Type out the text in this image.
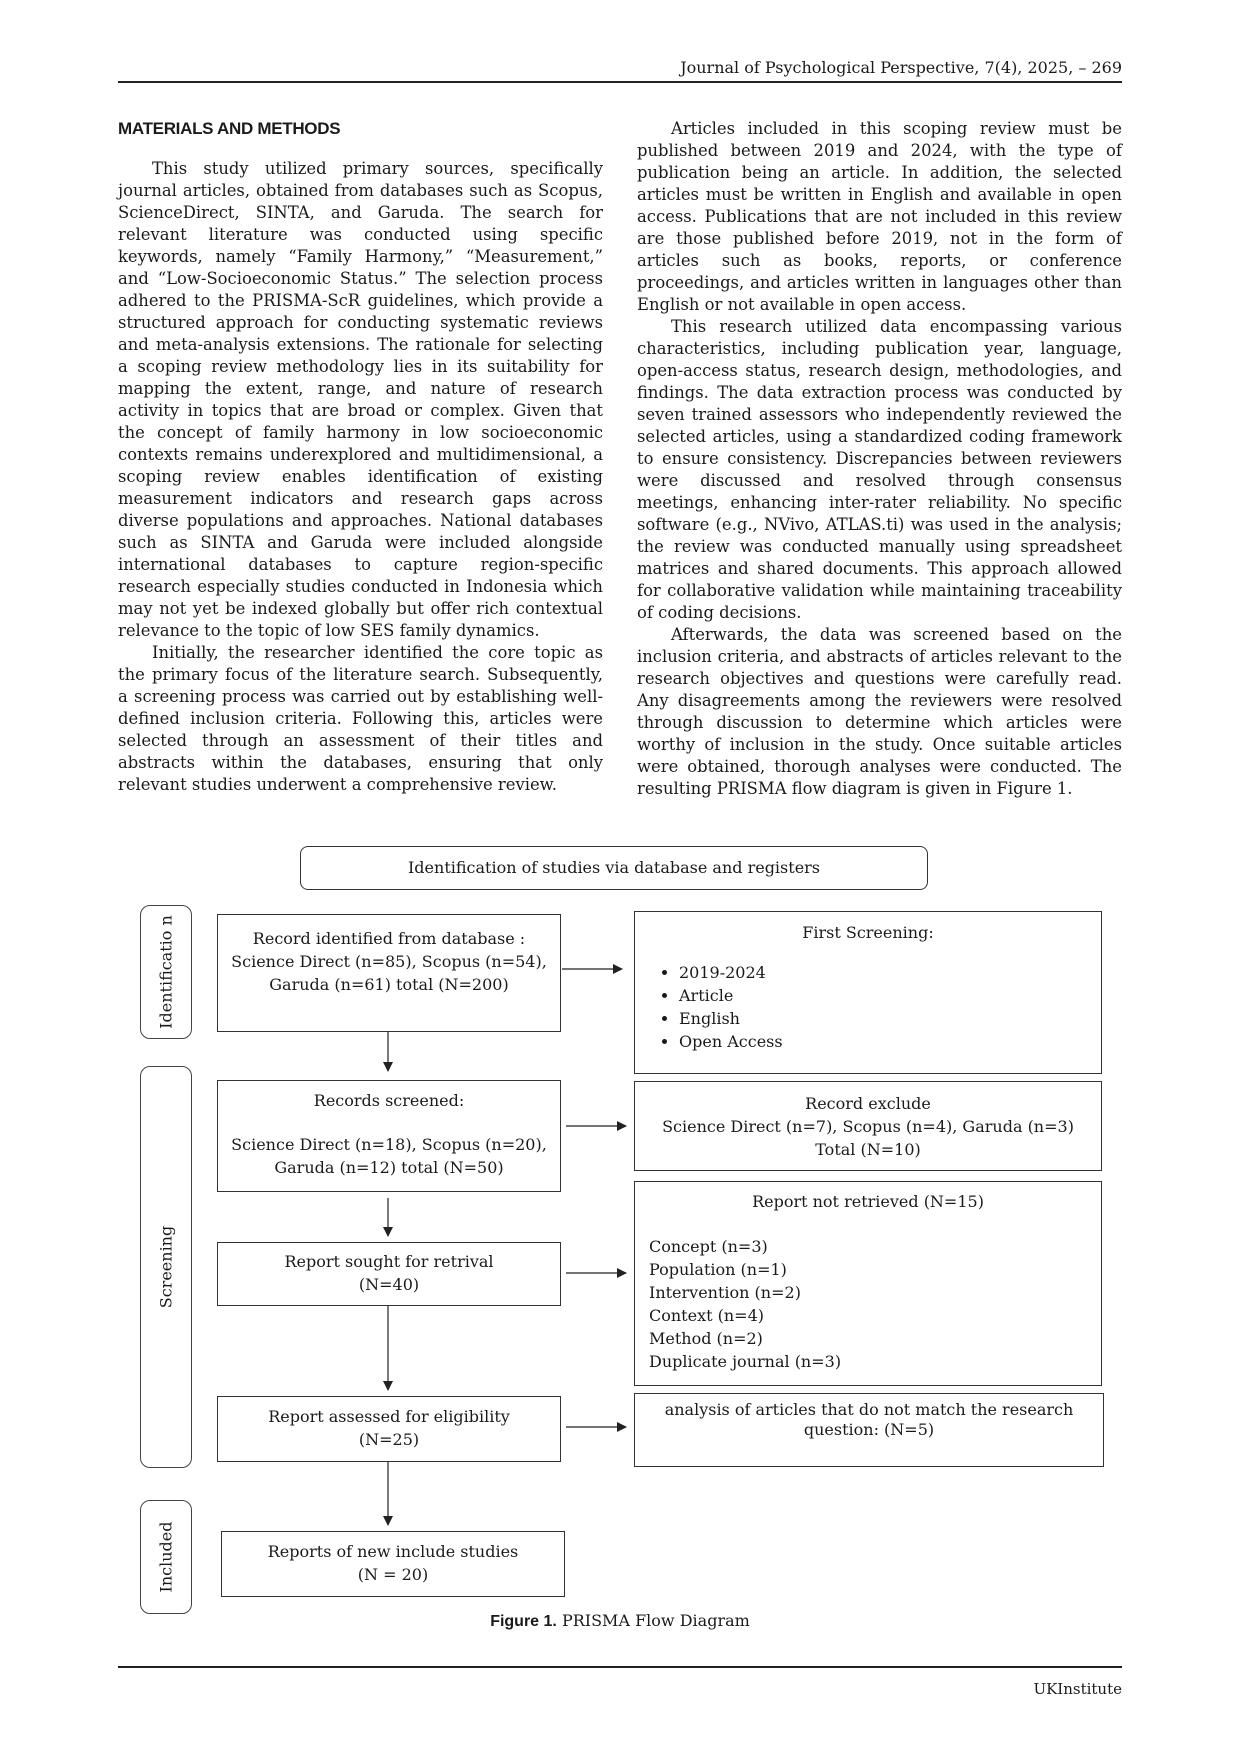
Journal of Psychological Perspective, 7(4), 2025, – 269
MATERIALS AND METHODS

This study utilized primary sources, specifically journal articles, obtained from databases such as Scopus, ScienceDirect, SINTA, and Garuda. The search for relevant literature was conducted using specific keywords, namely “Family Harmony,” “Measurement,” and “Low-Socioeconomic Status.” The selection process adhered to the PRISMA-ScR guidelines, which provide a structured approach for conducting systematic reviews and meta-analysis extensions. The rationale for selecting a scoping review methodology lies in its suitability for mapping the extent, range, and nature of research activity in topics that are broad or complex. Given that the concept of family harmony in low socioeconomic contexts remains underexplored and multidimensional, a scoping review enables identification of existing measurement indicators and research gaps across diverse populations and approaches. National databases such as SINTA and Garuda were included alongside international databases to capture region-specific research especially studies conducted in Indonesia which may not yet be indexed globally but offer rich contextual relevance to the topic of low SES family dynamics.

Initially, the researcher identified the core topic as the primary focus of the literature search. Subsequently, a screening process was carried out by establishing well-defined inclusion criteria. Following this, articles were selected through an assessment of their titles and abstracts within the databases, ensuring that only relevant studies underwent a comprehensive review.

Articles included in this scoping review must be published between 2019 and 2024, with the type of publication being an article. In addition, the selected articles must be written in English and available in open access. Publications that are not included in this review are those published before 2019, not in the form of articles such as books, reports, or conference proceedings, and articles written in languages other than English or not available in open access.

This research utilized data encompassing various characteristics, including publication year, language, open-access status, research design, methodologies, and findings. The data extraction process was conducted by seven trained assessors who independently reviewed the selected articles, using a standardized coding framework to ensure consistency. Discrepancies between reviewers were discussed and resolved through consensus meetings, enhancing inter-rater reliability. No specific software (e.g., NVivo, ATLAS.ti) was used in the analysis; the review was conducted manually using spreadsheet matrices and shared documents. This approach allowed for collaborative validation while maintaining traceability of coding decisions.

Afterwards, the data was screened based on the inclusion criteria, and abstracts of articles relevant to the research objectives and questions were carefully read. Any disagreements among the reviewers were resolved through discussion to determine which articles were worthy of inclusion in the study. Once suitable articles were obtained, thorough analyses were conducted. The resulting PRISMA flow diagram is given in Figure 1.

Identification of studies via database and registers
Identificatio n
Screening
Included
Record identified from database :
Science Direct (n=85), Scopus (n=54),
Garuda (n=61) total (N=200)
First Screening:
• 2019-2024
• Article
• English
• Open Access
Records screened:
Science Direct (n=18), Scopus (n=20),
Garuda (n=12) total (N=50)
Record exclude
Science Direct (n=7), Scopus (n=4), Garuda (n=3)
Total (N=10)
Report not retrieved (N=15)
Concept (n=3)
Population (n=1)
Intervention (n=2)
Context (n=4)
Method (n=2)
Duplicate journal (n=3)
Report sought for retrival
(N=40)
Report assessed for eligibility
(N=25)
analysis of articles that do not match the research
question: (N=5)
Reports of new include studies
(N = 20)
Figure 1. PRISMA Flow Diagram
UKInstitute
